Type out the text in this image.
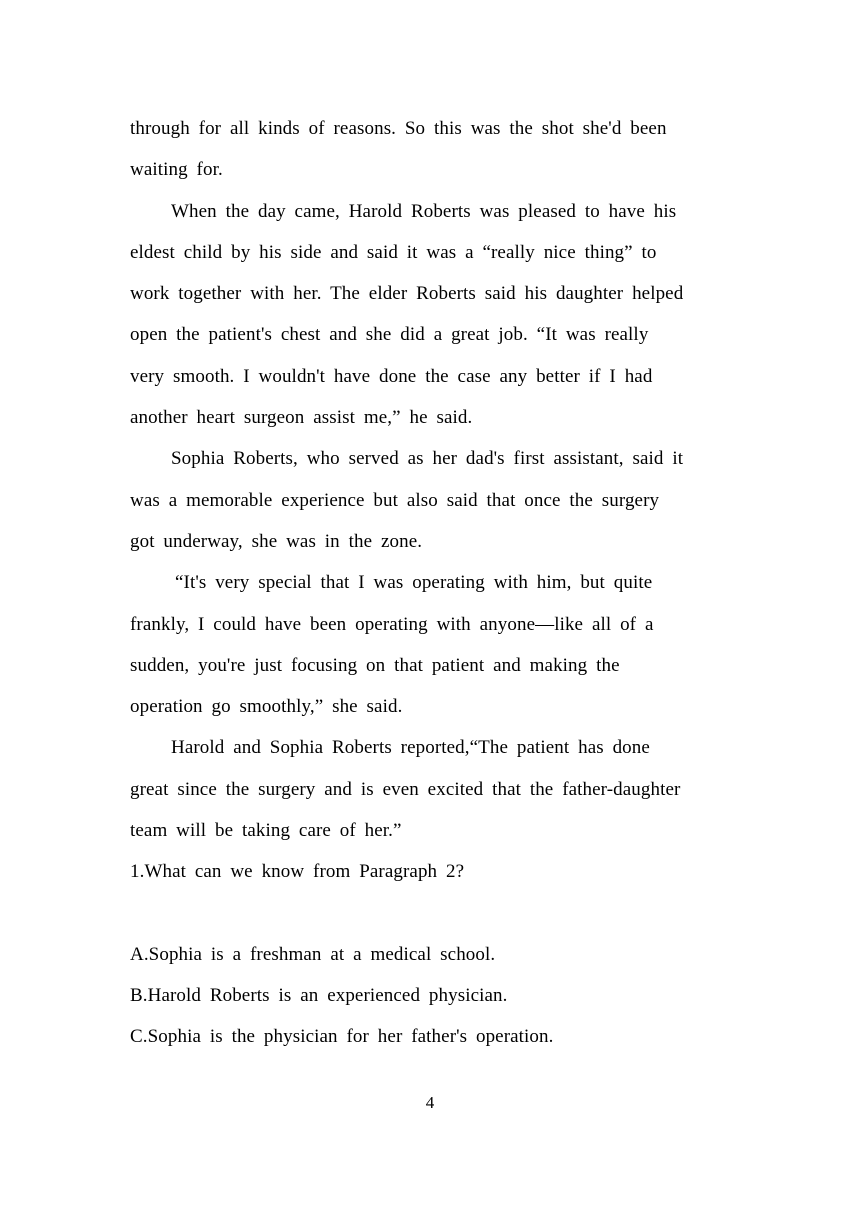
through for all kinds of reasons. So this was the shot she'd been
waiting for.
When the day came, Harold Roberts was pleased to have his
eldest child by his side and said it was a “really nice thing” to
work together with her. The elder Roberts said his daughter helped
open the patient's chest and she did a great job. “It was really
very smooth. I wouldn't have done the case any better if I had
another heart surgeon assist me,” he said.
Sophia Roberts, who served as her dad's first assistant, said it
was a memorable experience but also said that once the surgery
got underway, she was in the zone.
“It's very special that I was operating with him, but quite
frankly, I could have been operating with anyone—like all of a
sudden, you're just focusing on that patient and making the
operation go smoothly,” she said.
Harold and Sophia Roberts reported,“The patient has done
great since the surgery and is even excited that the father-daughter
team will be taking care of her.”
1.What can we know from Paragraph 2?
A.Sophia is a freshman at a medical school.
B.Harold Roberts is an experienced physician.
C.Sophia is the physician for her father's operation.
4
